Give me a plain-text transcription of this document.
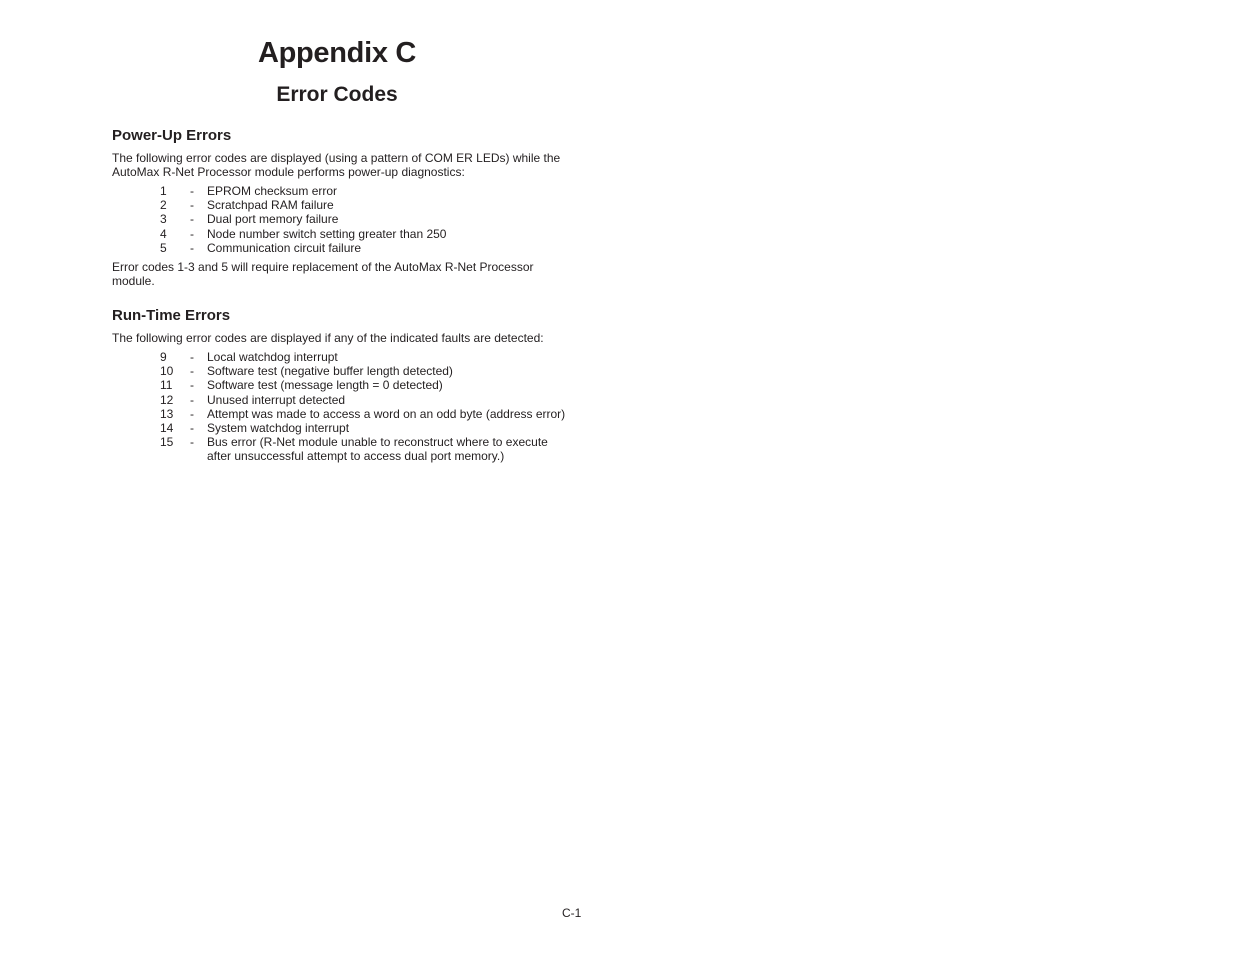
Appendix C
Error Codes
Power-Up Errors

The following error codes are displayed (using a pattern of COM ER LEDs) while the AutoMax R-Net Processor module performs power-up diagnostics:

1	-	EPROM checksum error
2	-	Scratchpad RAM failure
3	-	Dual port memory failure
4	-	Node number switch setting greater than 250
5	-	Communication circuit failure

Error codes 1-3 and 5 will require replacement of the AutoMax R-Net Processor module.

Run-Time Errors

The following error codes are displayed if any of the indicated faults are detected:

9	-	Local watchdog interrupt
10	-	Software test (negative buffer length detected)
11	-	Software test (message length = 0 detected)
12	-	Unused interrupt detected
13	-	Attempt was made to access a word on an odd byte (address error)
14	-	System watchdog interrupt
15	-	Bus error (R-Net module unable to reconstruct where to execute after unsuccessful attempt to access dual port memory.)

C-1
